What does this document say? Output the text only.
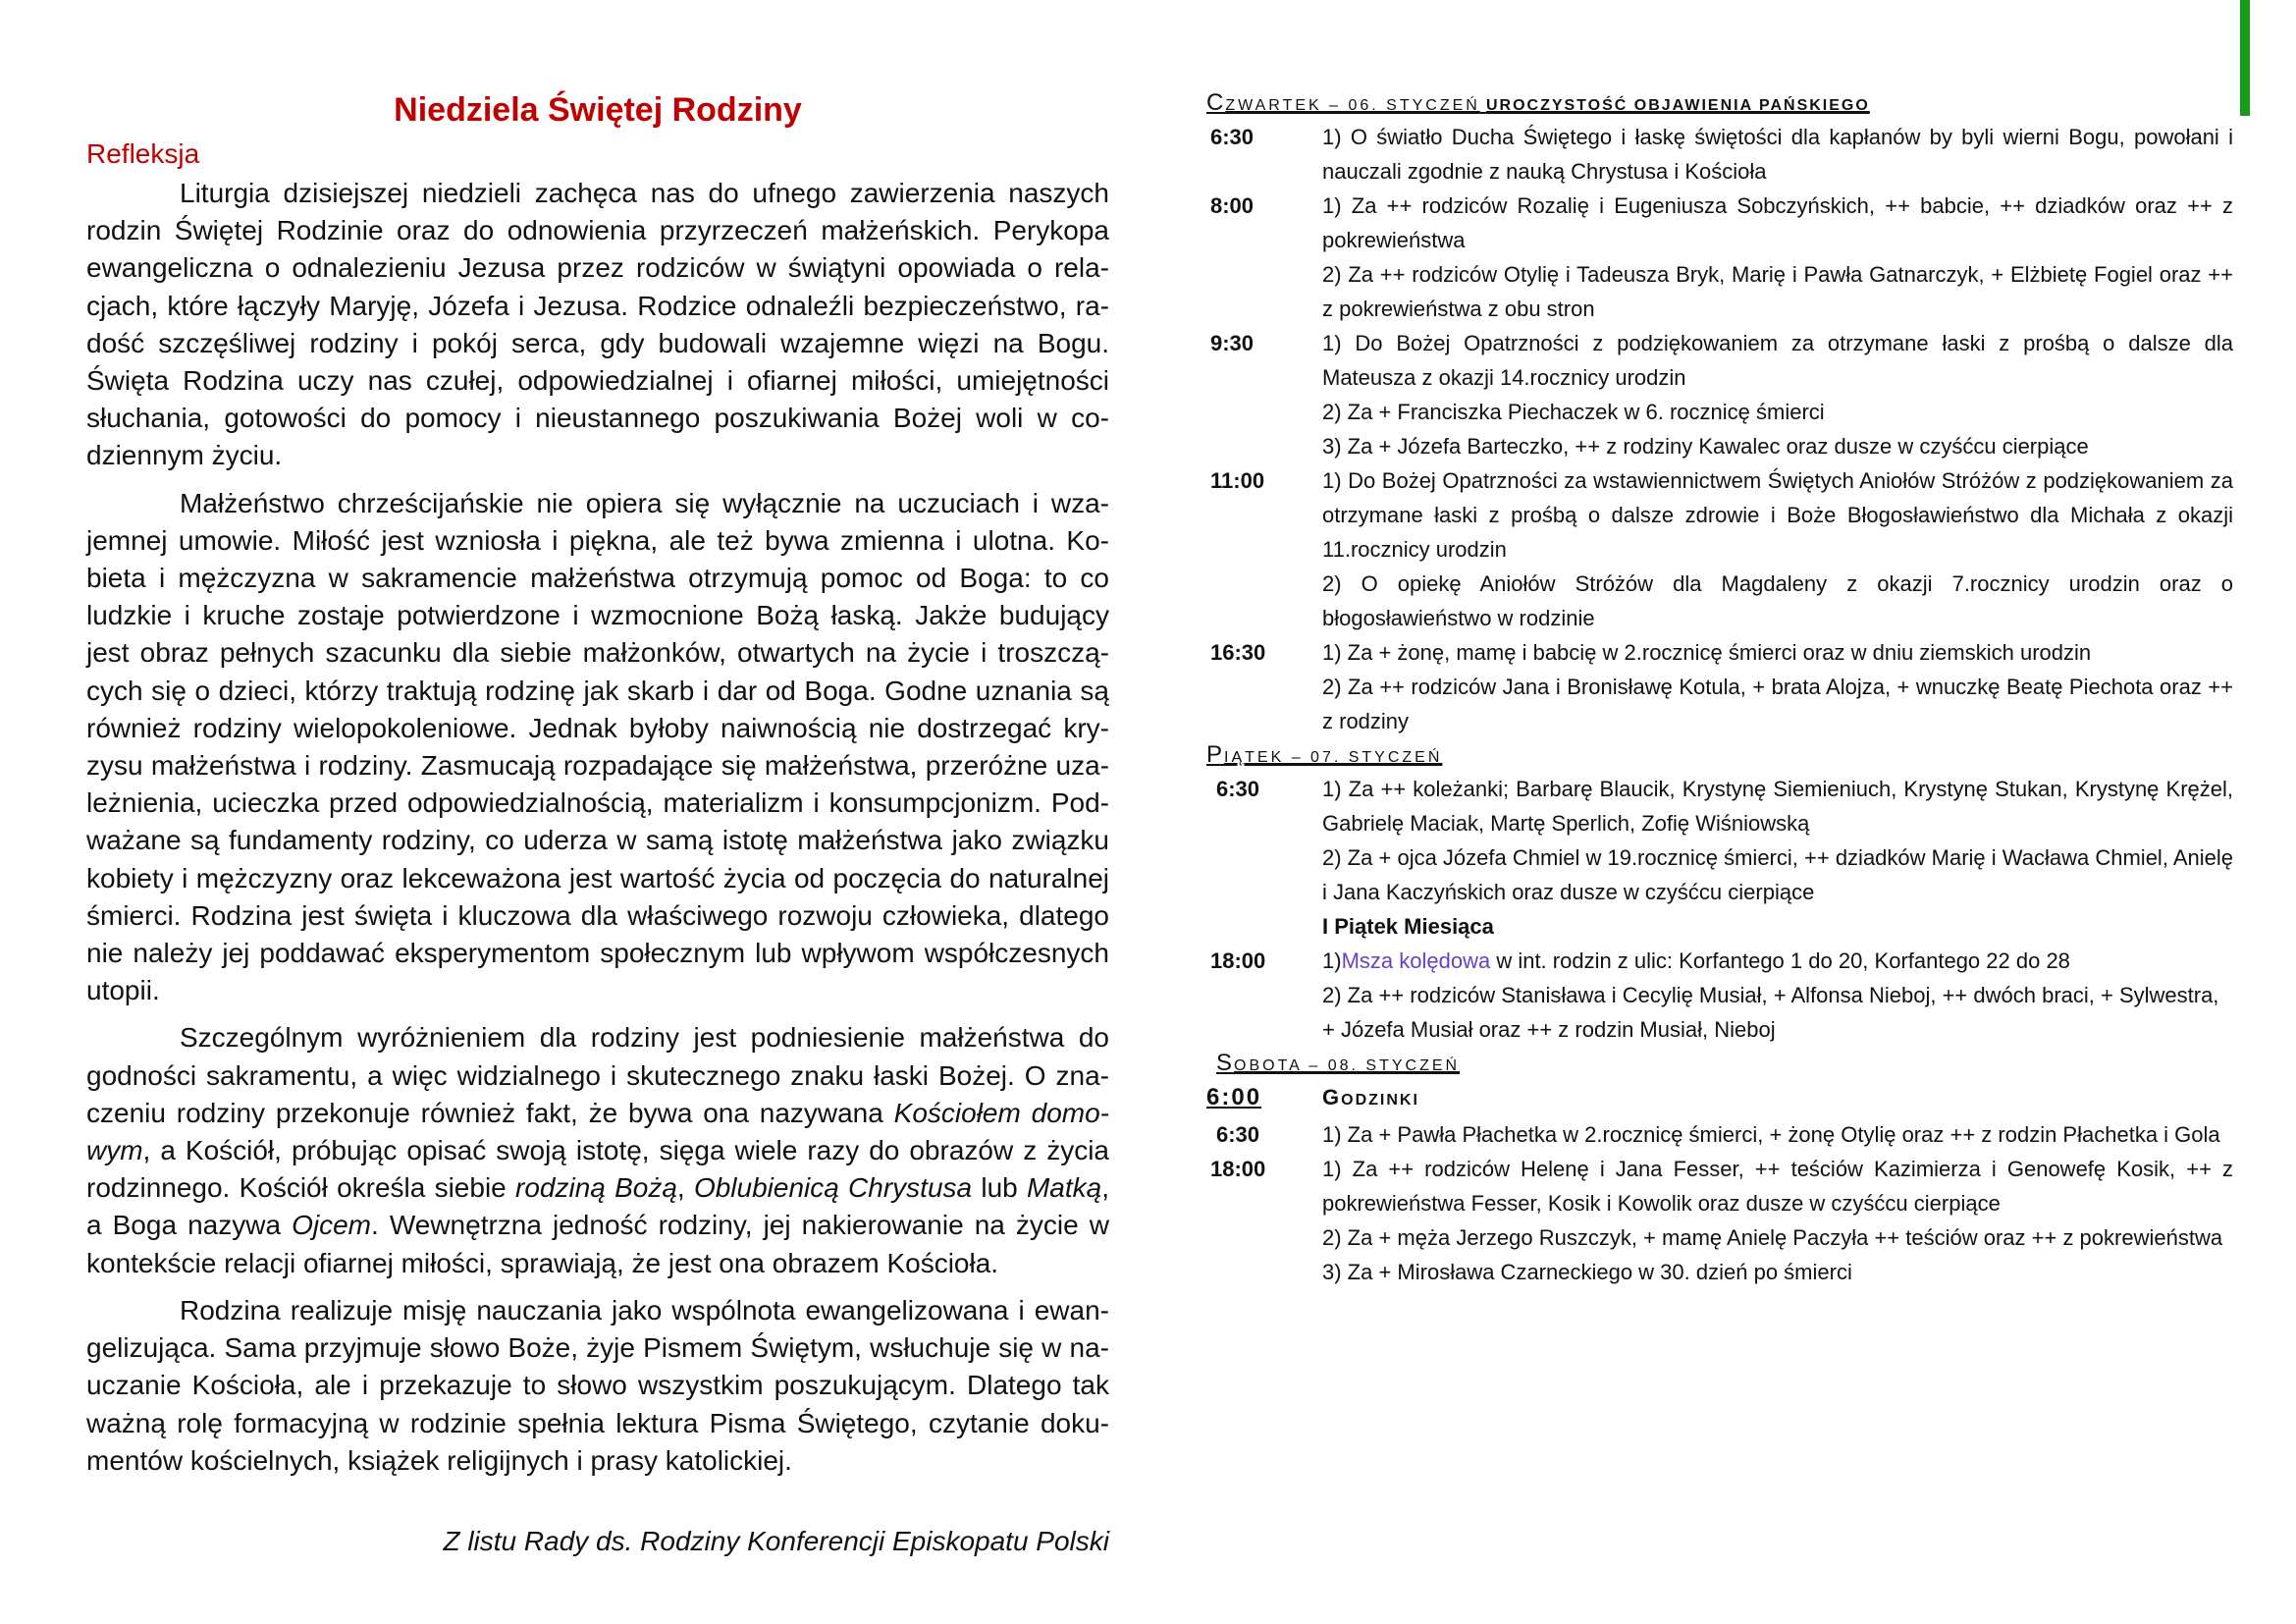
Niedziela Świętej Rodziny

Refleksja

Liturgia dzisiejszej niedzieli zachęca nas do ufnego zawierzenia naszych rodzin Świętej Rodzinie oraz do odnowienia przyrzeczeń małżeńskich. Perykopa ewangeliczna o odnalezieniu Jezusa przez rodziców w świątyni opowiada o relacjach, które łączyły Maryję, Józefa i Jezusa. Rodzice odnaleźli bezpieczeństwo, radość szczęśliwej rodziny i pokój serca, gdy budowali wzajemne więzi na Bogu. Święta Rodzina uczy nas czułej, odpowiedzialnej i ofiarnej miłości, umiejętności słuchania, gotowości do pomocy i nieustannego poszukiwania Bożej woli w codziennym życiu.

Małżeństwo chrześcijańskie nie opiera się wyłącznie na uczuciach i wzajemnej umowie. Miłość jest wzniosła i piękna, ale też bywa zmienna i ulotna. Kobieta i mężczyzna w sakramencie małżeństwa otrzymują pomoc od Boga: to co ludzkie i kruche zostaje potwierdzone i wzmocnione Bożą łaską. Jakże budujący jest obraz pełnych szacunku dla siebie małżonków, otwartych na życie i troszczących się o dzieci, którzy traktują rodzinę jak skarb i dar od Boga. Godne uznania są również rodziny wielopokoleniowe. Jednak byłoby naiwnością nie dostrzegać kryzysu małżeństwa i rodziny. Zasmucają rozpadające się małżeństwa, przeróżne uzależnienia, ucieczka przed odpowiedzialnością, materializm i konsumpcjonizm. Podważane są fundamenty rodziny, co uderza w samą istotę małżeństwa jako związku kobiety i mężczyzny oraz lekceważona jest wartość życia od poczęcia do naturalnej śmierci. Rodzina jest święta i kluczowa dla właściwego rozwoju człowieka, dlatego nie należy jej poddawać eksperymentom społecznym lub wpływom współczesnych utopii.

Szczególnym wyróżnieniem dla rodziny jest podniesienie małżeństwa do godności sakramentu, a więc widzialnego i skutecznego znaku łaski Bożej. O znaczeniu rodziny przekonuje również fakt, że bywa ona nazywana Kościołem domowym, a Kościół, próbując opisać swoją istotę, sięga wiele razy do obrazów z życia rodzinnego. Kościół określa siebie rodziną Bożą, Oblubienicą Chrystusa lub Matką, a Boga nazywa Ojcem. Wewnętrzna jedność rodziny, jej nakierowanie na życie w kontekście relacji ofiarnej miłości, sprawiają, że jest ona obrazem Kościoła.

Rodzina realizuje misję nauczania jako wspólnota ewangelizowana i ewangelizująca. Sama przyjmuje słowo Boże, żyje Pismem Świętym, wsłuchuje się w nauczanie Kościoła, ale i przekazuje to słowo wszystkim poszukującym. Dlatego tak ważną rolę formacyjną w rodzinie spełnia lektura Pisma Świętego, czytanie dokumentów kościelnych, książek religijnych i prasy katolickiej.

Z listu Rady ds. Rodziny Konferencji Episkopatu Polski
CZWARTEK – 06. STYCZEŃ UROCZYSTOŚĆ OBJAWIENIA PAŃSKIEGO
6:30	1) O światło Ducha Świętego i łaskę świętości dla kapłanów by byli wierni Bogu, powołani i nauczali zgodnie z nauką Chrystusa i Kościoła
8:00	1) Za ++ rodziców Rozalię i Eugeniusza Sobczyńskich, ++ babcie, ++ dziadków oraz ++ z pokrewieństwa
2) Za ++ rodziców Otylię i Tadeusza Bryk, Marię i Pawła Gatnarczyk, + Elżbietę Fogiel oraz ++ z pokrewieństwa z obu stron
9:30	1) Do Bożej Opatrzności z podziękowaniem za otrzymane łaski z prośbą o dalsze dla Mateusza z okazji 14.rocznicy urodzin
2) Za + Franciszka Piechaczek w 6. rocznicę śmierci
3) Za + Józefa Barteczko, ++ z rodziny Kawalec oraz dusze w czyśćcu cierpiące
11:00	1) Do Bożej Opatrzności za wstawiennictwem Świętych Aniołów Stróżów z podziękowaniem za otrzymane łaski z prośbą o dalsze zdrowie i Boże Błogosławieństwo dla Michała z okazji 11.rocznicy urodzin
2) O opiekę Aniołów Stróżów dla Magdaleny z okazji 7.rocznicy urodzin oraz o błogosławieństwo w rodzinie
16:30	1) Za + żonę, mamę i babcię w 2.rocznicę śmierci oraz w dniu ziemskich urodzin
2) Za ++ rodziców Jana i Bronisławę Kotula, + brata Alojza, + wnuczkę Beatę Piechota oraz ++ z rodziny
PIĄTEK – 07. STYCZEŃ
6:30	1) Za ++ koleżanki; Barbarę Blaucik, Krystynę Siemieniuch, Krystynę Stukan, Krystynę Krężel, Gabrielę Maciak, Martę Sperlich, Zofię Wiśniowską
2) Za + ojca Józefa Chmiel w 19.rocznicę śmierci, ++ dziadków Marię i Wacława Chmiel, Anielę i Jana Kaczyńskich oraz dusze w czyśćcu cierpiące
I Piątek Miesiąca
18:00	1)Msza kolędowa w int. rodzin z ulic: Korfantego 1 do 20, Korfantego 22 do 28
2) Za ++ rodziców Stanisława i Cecylię Musiał, + Alfonsa Nieboj, ++ dwóch braci, + Sylwestra, + Józefa Musiał oraz ++ z rodzin Musiał, Nieboj
SOBOTA – 08. STYCZEŃ
6:00	GODZINKI
6:30	1) Za + Pawła Płachetka w 2.rocznicę śmierci, + żonę Otylię oraz ++ z rodzin Płachetka i Gola
18:00	1) Za ++ rodziców Helenę i Jana Fesser, ++ teściów Kazimierza i Genowefę Kosik, ++ z pokrewieństwa Fesser, Kosik i Kowolik oraz dusze w czyśćcu cierpiące
2) Za + męża Jerzego Ruszczyk, + mamę Anielę Paczyła ++ teściów oraz ++ z pokrewieństwa
3) Za + Mirosława Czarneckiego w 30. dzień po śmierci
